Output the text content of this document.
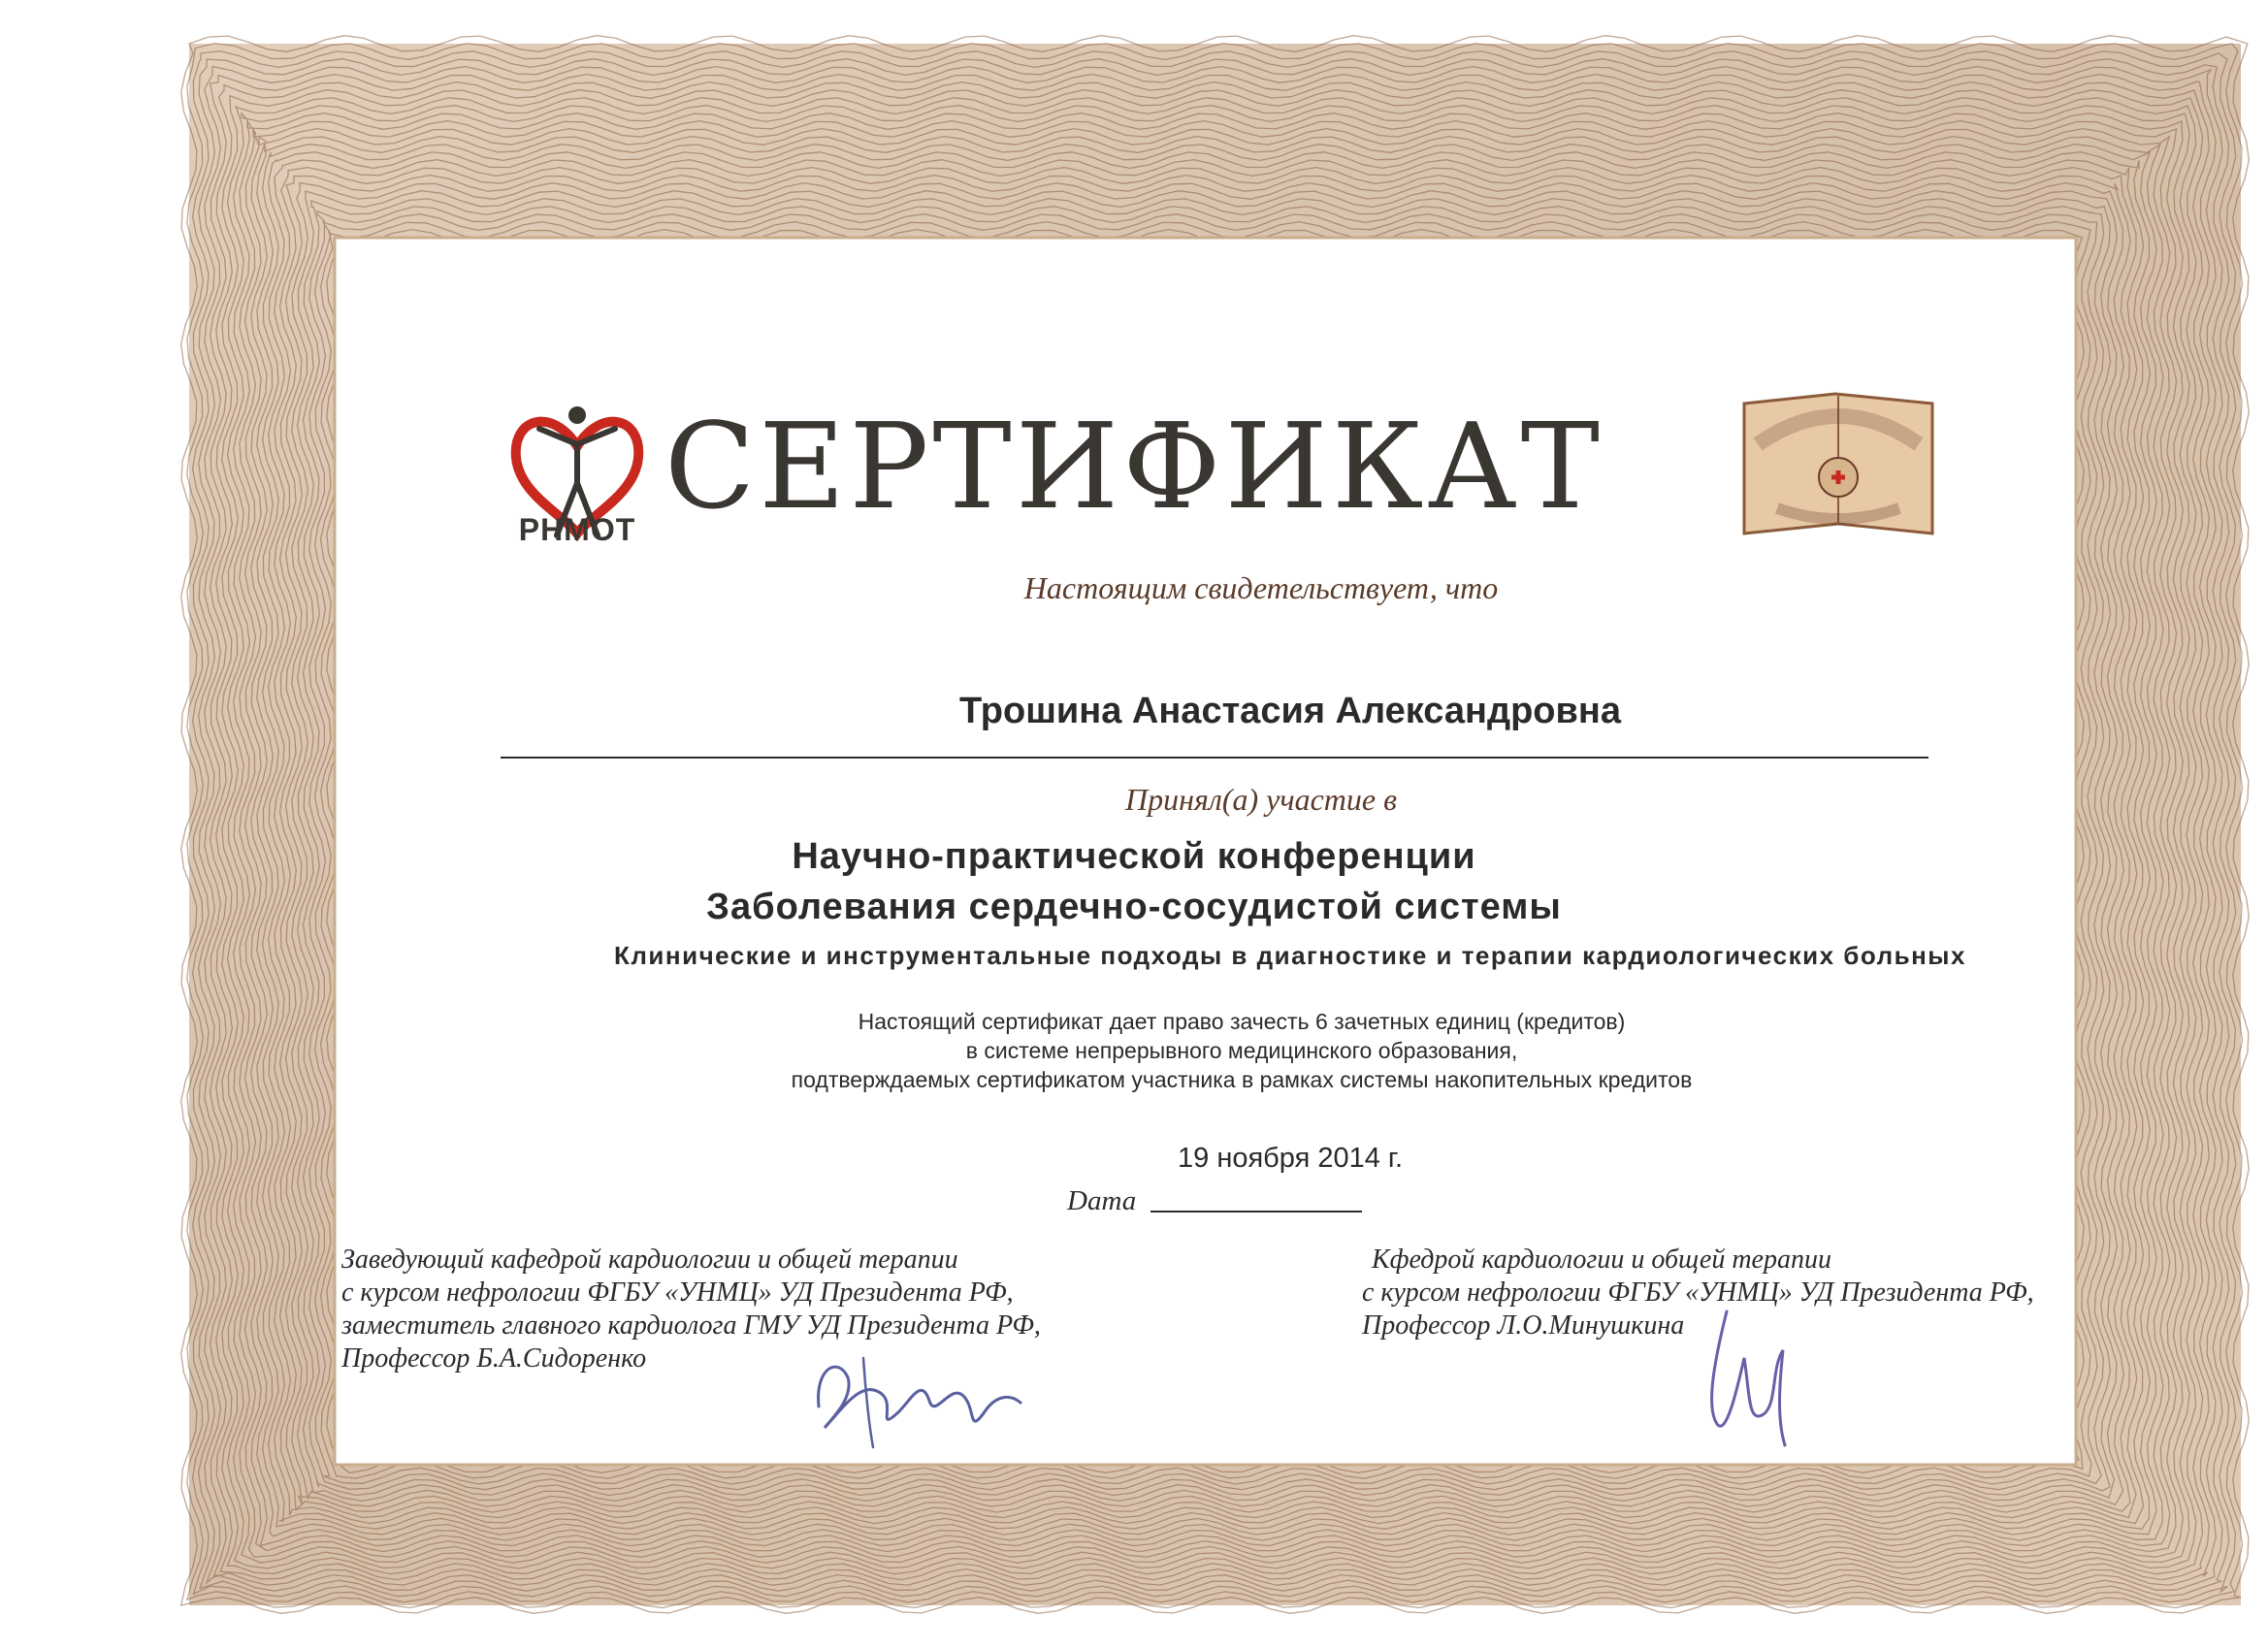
РНМОТ СЕРТИФИКАТ
Настоящим свидетельствует, что
Трошина Анастасия Александровна
Принял(а) участие в
Научно-практической конференции
Заболевания сердечно-сосудистой системы
Клинические и инструментальные подходы в диагностике и терапии кардиологических больных
Настоящий сертификат дает право зачесть 6 зачетных единиц (кредитов)
в системе непрерывного медицинского образования,
подтверждаемых сертификатом участника в рамках системы накопительных кредитов
19 ноября 2014 г.
Dата
Заведующий кафедрой кардиологии и общей терапии
с курсом нефрологии ФГБУ «УНМЦ» УД Президента РФ,
заместитель главного кардиолога ГМУ УД Президента РФ,
Профессор Б.А.Сидоренко
Кфедрой кардиологии и общей терапии
с курсом нефрологии ФГБУ «УНМЦ» УД Президента РФ,
Профессор Л.О.Минушкина
